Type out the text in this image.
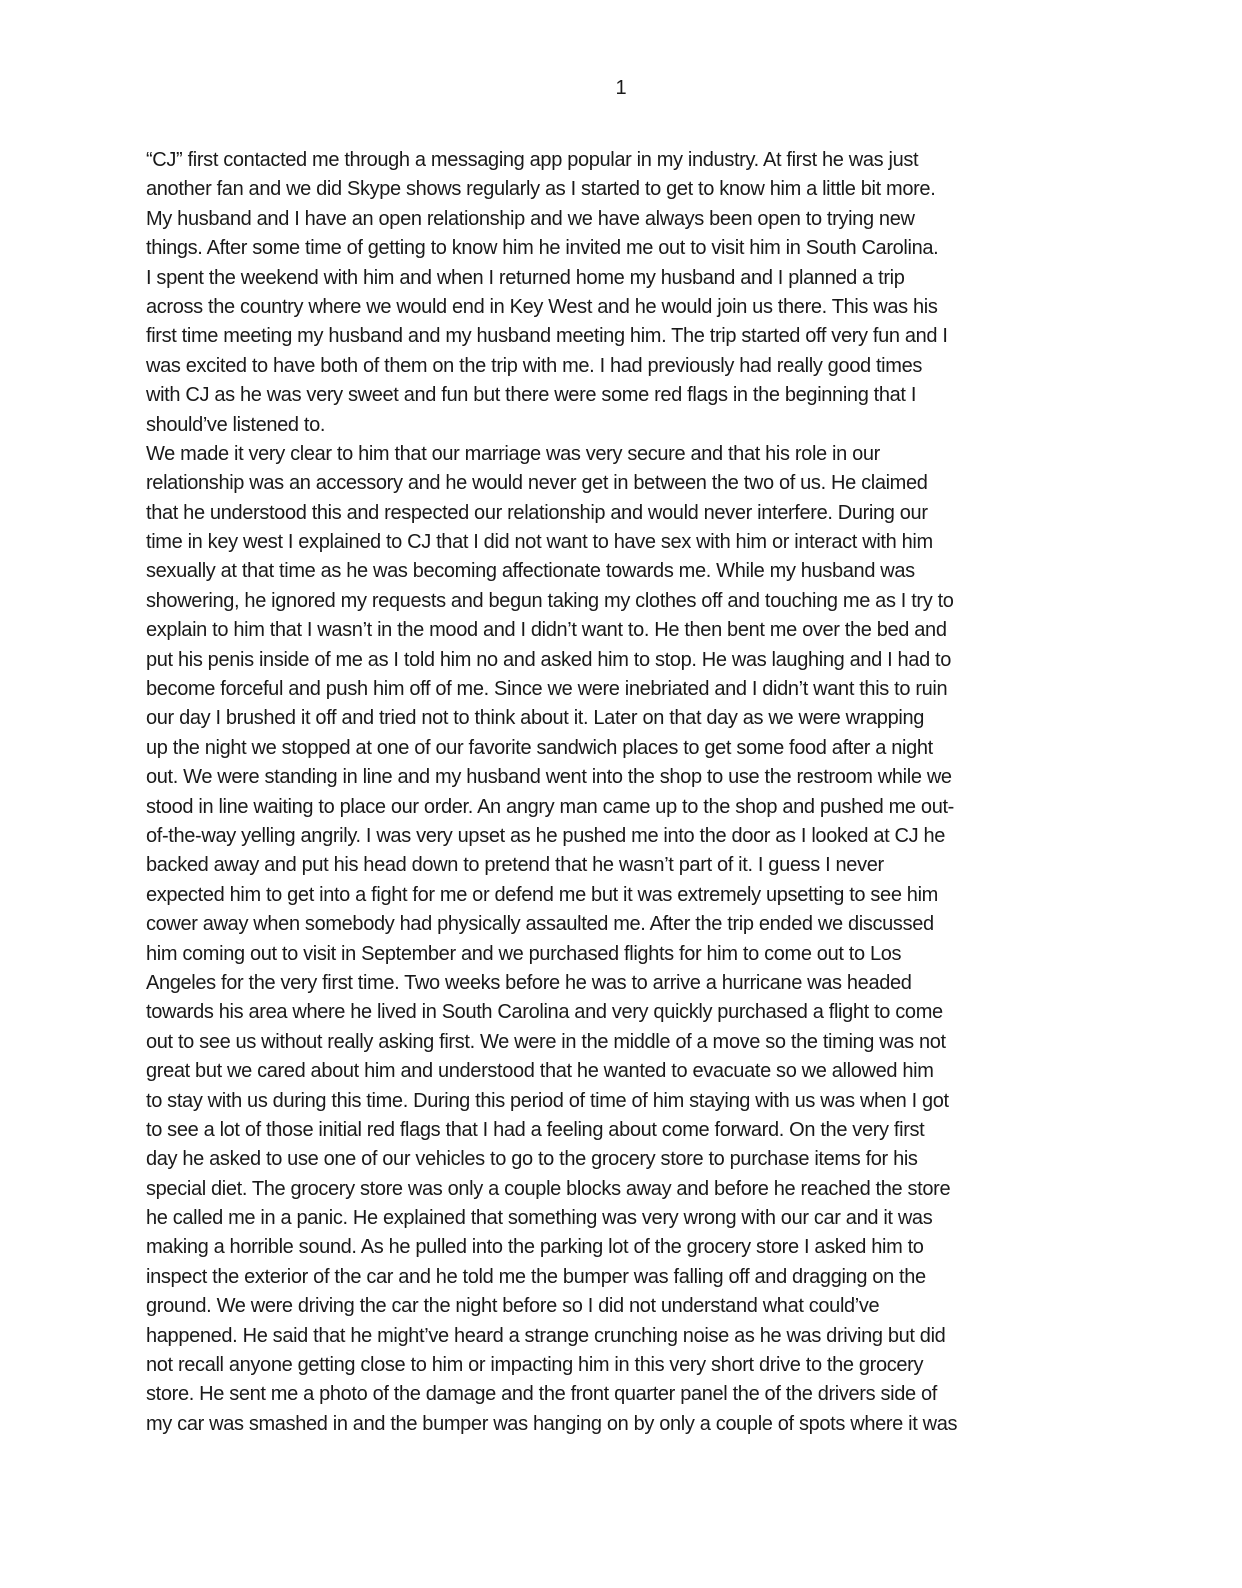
1
“CJ” first contacted me through a messaging app popular in my industry. At first he was just
another fan and we did Skype shows regularly as I started to get to know him a little bit more.
My husband and I have an open relationship and we have always been open to trying new
things. After some time of getting to know him he invited me out to visit him in South Carolina.
I spent the weekend with him and when I returned home my husband and I planned a trip
across the country where we would end in Key West and he would join us there. This was his
first time meeting my husband and my husband meeting him. The trip started off very fun and I
was excited to have both of them on the trip with me. I had previously had really good times
with CJ as he was very sweet and fun but there were some red flags in the beginning that I
should’ve listened to.
We made it very clear to him that our marriage was very secure and that his role in our
relationship was an accessory and he would never get in between the two of us. He claimed
that he understood this and respected our relationship and would never interfere. During our
time in key west I explained to CJ that I did not want to have sex with him or interact with him
sexually at that time as he was becoming affectionate towards me. While my husband was
showering, he ignored my requests and begun taking my clothes off and touching me as I try to
explain to him that I wasn’t in the mood and I didn’t want to. He then bent me over the bed and
put his penis inside of me as I told him no and asked him to stop. He was laughing and I had to
become forceful and push him off of me. Since we were inebriated and I didn’t want this to ruin
our day I brushed it off and tried not to think about it. Later on that day as we were wrapping
up the night we stopped at one of our favorite sandwich places to get some food after a night
out. We were standing in line and my husband went into the shop to use the restroom while we
stood in line waiting to place our order. An angry man came up to the shop and pushed me out-
of-the-way yelling angrily. I was very upset as he pushed me into the door as I looked at CJ he
backed away and put his head down to pretend that he wasn’t part of it. I guess I never
expected him to get into a fight for me or defend me but it was extremely upsetting to see him
cower away when somebody had physically assaulted me. After the trip ended we discussed
him coming out to visit in September and we purchased flights for him to come out to Los
Angeles for the very first time. Two weeks before he was to arrive a hurricane was headed
towards his area where he lived in South Carolina and very quickly purchased a flight to come
out to see us without really asking first. We were in the middle of a move so the timing was not
great but we cared about him and understood that he wanted to evacuate so we allowed him
to stay with us during this time. During this period of time of him staying with us was when I got
to see a lot of those initial red flags that I had a feeling about come forward. On the very first
day he asked to use one of our vehicles to go to the grocery store to purchase items for his
special diet. The grocery store was only a couple blocks away and before he reached the store
he called me in a panic. He explained that something was very wrong with our car and it was
making a horrible sound. As he pulled into the parking lot of the grocery store I asked him to
inspect the exterior of the car and he told me the bumper was falling off and dragging on the
ground. We were driving the car the night before so I did not understand what could’ve
happened. He said that he might’ve heard a strange crunching noise as he was driving but did
not recall anyone getting close to him or impacting him in this very short drive to the grocery
store. He sent me a photo of the damage and the front quarter panel the of the drivers side of
my car was smashed in and the bumper was hanging on by only a couple of spots where it was
